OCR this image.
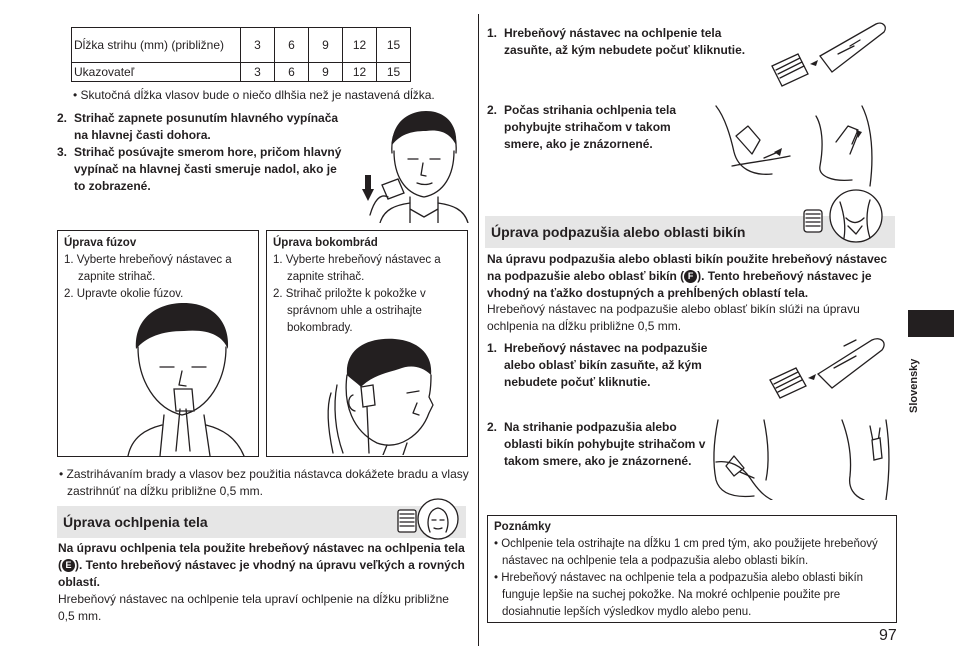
Dĺžka strihu (mm) (približne)	3	6	9	12	15
Ukazovateľ	3	6	9	12	15
• Skutočná dĺžka vlasov bude o niečo dlhšia než je nastavená dĺžka.
2. Strihač zapnete posunutím hlavného vypínača na hlavnej časti dohora.
3. Strihač posúvajte smerom hore, pričom hlavný vypínač na hlavnej časti smeruje nadol, ako je to zobrazené.
Úprava fúzov
1. Vyberte hrebeňový nástavec a zapnite strihač.
2. Upravte okolie fúzov.
Úprava bokombrád
1. Vyberte hrebeňový nástavec a zapnite strihač.
2. Strihač priložte k pokožke v správnom uhle a ostrihajte bokombrady.
• Zastrihávaním brady a vlasov bez použitia nástavca dokážete bradu a vlasy zastrihnúť na dĺžku približne 0,5 mm.
Úprava ochlpenia tela
Na úpravu ochlpenia tela použite hrebeňový nástavec na ochlpenia tela ( E ). Tento hrebeňový nástavec je vhodný na úpravu veľkých a rovných oblastí.
Hrebeňový nástavec na ochlpenie tela upraví ochlpenie na dĺžku približne 0,5 mm.
1. Hrebeňový nástavec na ochlpenie tela zasuňte, až kým nebudete počuť kliknutie.
2. Počas strihania ochlpenia tela pohybujte strihačom v takom smere, ako je znázornené.
Úprava podpazušia alebo oblasti bikín
Na úpravu podpazušia alebo oblasti bikín použite hrebeňový nástavec na podpazušie alebo oblasť bikín ( F ). Tento hrebeňový nástavec je vhodný na ťažko dostupných a prehĺbených oblastí tela.
Hrebeňový nástavec na podpazušie alebo oblasť bikín slúži na úpravu ochlpenia na dĺžku približne 0,5 mm.
1. Hrebeňový nástavec na podpazušie alebo oblasť bikín zasuňte, až kým nebudete počuť kliknutie.
2. Na strihanie podpazušia alebo oblasti bikín pohybujte strihačom v takom smere, ako je znázornené.
Poznámky
• Ochlpenie tela ostrihajte na dĺžku 1 cm pred tým, ako použijete hrebeňový nástavec na ochlpenie tela a podpazušia alebo oblasti bikín.
• Hrebeňový nástavec na ochlpenie tela a podpazušia alebo oblasti bikín funguje lepšie na suchej pokožke. Na mokré ochlpenie použite pre dosiahnutie lepších výsledkov mydlo alebo penu.
Slovensky
97
